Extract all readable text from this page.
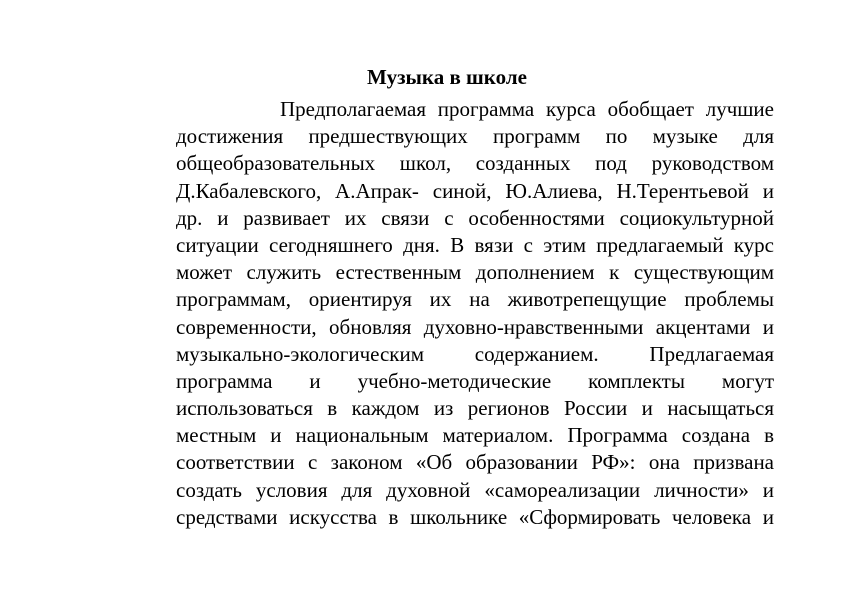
Музыка в школе
Предполагаемая программа курса обобщает лучшие
достижения предшествующих программ по музыке для
общеобразовательных школ, созданных под руководством
Д.Кабалевского, А.Апрак- синой, Ю.Алиева, Н.Терентьевой и
др. и развивает их связи с особенностями социокультурной
ситуации сегодняшнего дня. В вязи с этим предлагаемый курс
может служить естественным дополнением к существующим
программам, ориентируя их на животрепещущие проблемы
современности, обновляя духовно-нравственными акцентами и
музыкально-экологическим содержанием. Предлагаемая
программа и учебно-методические комплекты могут
использоваться в каждом из регионов России и насыщаться
местным и национальным материалом. Программа создана в
соответствии с законом «Об образовании РФ»: она призвана
создать условия для духовной «самореализации личности» и
средствами искусства в школьнике «Сформировать человека и
